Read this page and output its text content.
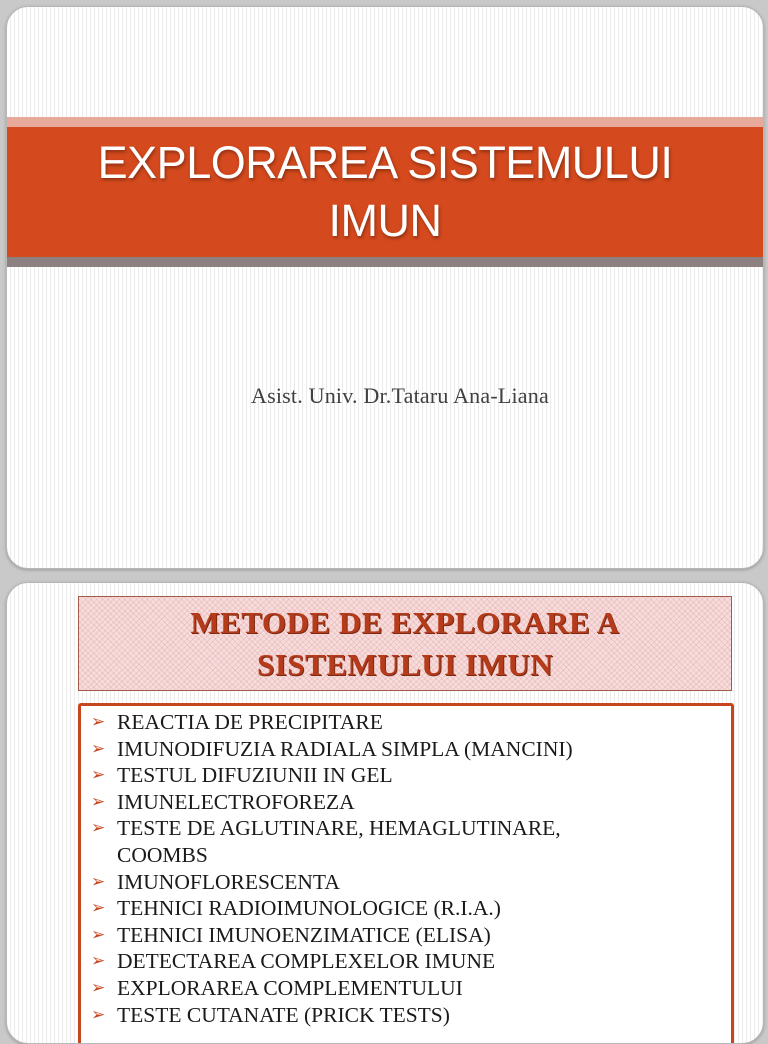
EXPLORAREA SISTEMULUI
IMUN
Asist. Univ. Dr.Tataru Ana-Liana
METODE DE EXPLORARE A
SISTEMULUI IMUN
➢ REACTIA DE PRECIPITARE
➢ IMUNODIFUZIA RADIALA SIMPLA (MANCINI)
➢ TESTUL DIFUZIUNII IN GEL
➢ IMUNELECTROFOREZA
➢ TESTE DE AGLUTINARE, HEMAGLUTINARE,
COOMBS
➢ IMUNOFLORESCENTA
➢ TEHNICI RADIOIMUNOLOGICE (R.I.A.)
➢ TEHNICI IMUNOENZIMATICE (ELISA)
➢ DETECTAREA COMPLEXELOR IMUNE
➢ EXPLORAREA COMPLEMENTULUI
➢ TESTE CUTANATE (PRICK TESTS)
